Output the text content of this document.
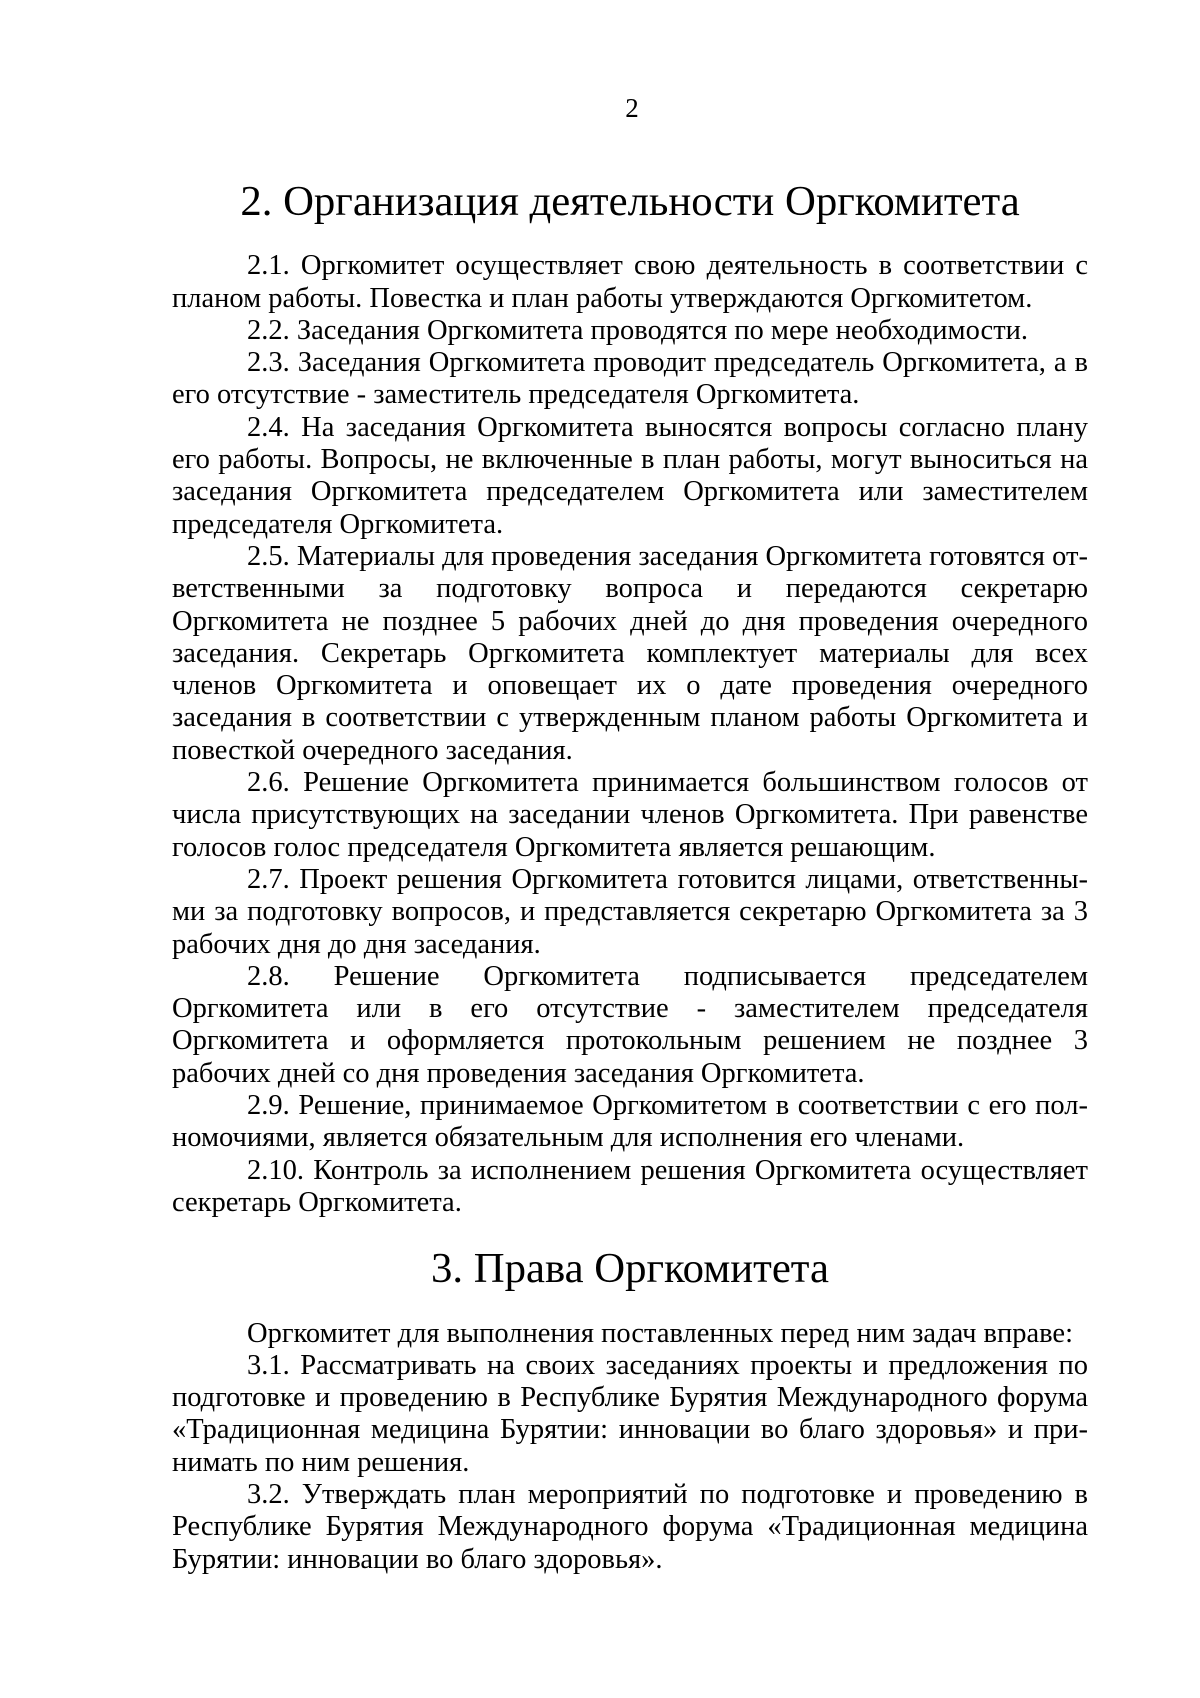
2
2. Организация деятельности Оргкомитета

2.1. Оргкомитет осуществляет свою деятельность в соответствии с планом работы. Повестка и план работы утверждаются Оргкомитетом.

2.2. Заседания Оргкомитета проводятся по мере необходимости.

2.3. Заседания Оргкомитета проводит председатель Оргкомитета, а в его отсутствие - заместитель председателя Оргкомитета.

2.4. На заседания Оргкомитета выносятся вопросы согласно плану его работы. Вопросы, не включенные в план работы, могут выноситься на заседания Оргкомитета председателем Оргкомитета или заместителем председателя Оргкомитета.

2.5. Материалы для проведения заседания Оргкомитета готовятся ответственными за подготовку вопроса и передаются секретарю Оргкомитета не позднее 5 рабочих дней до дня проведения очередного заседания. Секретарь Оргкомитета комплектует материалы для всех членов Оргкомитета и оповещает их о дате проведения очередного заседания в соответствии с утвержденным планом работы Оргкомитета и повесткой очередного заседания.

2.6. Решение Оргкомитета принимается большинством голосов от числа присутствующих на заседании членов Оргкомитета. При равенстве голосов голос председателя Оргкомитета является решающим.

2.7. Проект решения Оргкомитета готовится лицами, ответственными за подготовку вопросов, и представляется секретарю Оргкомитета за 3 рабочих дня до дня заседания.

2.8. Решение Оргкомитета подписывается председателем Оргкомитета или в его отсутствие - заместителем председателя Оргкомитета и оформляется протокольным решением не позднее 3 рабочих дней со дня проведения заседания Оргкомитета.

2.9. Решение, принимаемое Оргкомитетом в соответствии с его полномочиями, является обязательным для исполнения его членами.

2.10. Контроль за исполнением решения Оргкомитета осуществляет секретарь Оргкомитета.

3. Права Оргкомитета

Оргкомитет для выполнения поставленных перед ним задач вправе:

3.1. Рассматривать на своих заседаниях проекты и предложения по подготовке и проведению в Республике Бурятия Международного форума «Традиционная медицина Бурятии: инновации во благо здоровья» и принимать по ним решения.

3.2. Утверждать план мероприятий по подготовке и проведению в Республике Бурятия Международного форума «Традиционная медицина Бурятии: инновации во благо здоровья».
